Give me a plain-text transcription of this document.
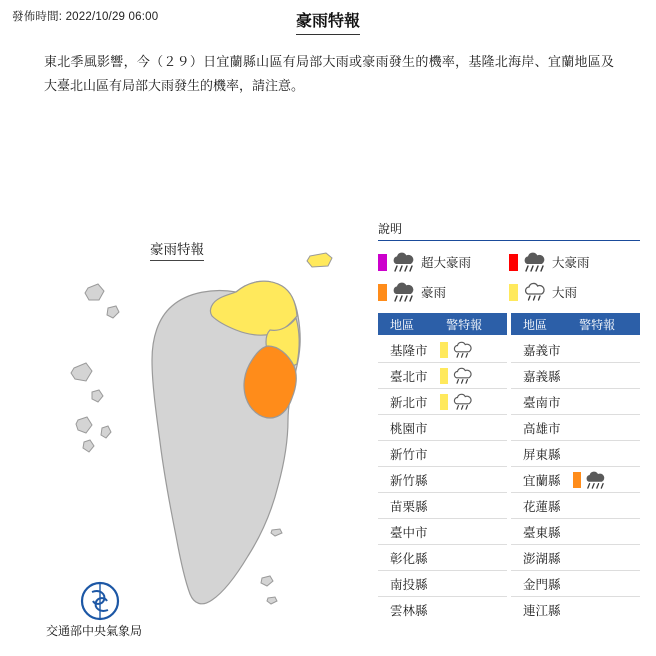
發佈時間: 2022/10/29 06:00	豪雨特報
東北季風影響，今（２９）日宜蘭縣山區有局部大雨或豪雨發生的機率，基隆北海岸、宜蘭地區及大臺北山區有局部大雨發生的機率，請注意。
豪雨特報
交通部中央氣象局
說明
超大豪雨	大豪雨
豪雨	大雨
地區	警特報	地區	警特報
基隆市
臺北市
新北市
桃園市
新竹市
新竹縣
苗栗縣
臺中市
彰化縣
南投縣
雲林縣
嘉義市
嘉義縣
臺南市
高雄市
屏東縣
宜蘭縣
花蓮縣
臺東縣
澎湖縣
金門縣
連江縣
